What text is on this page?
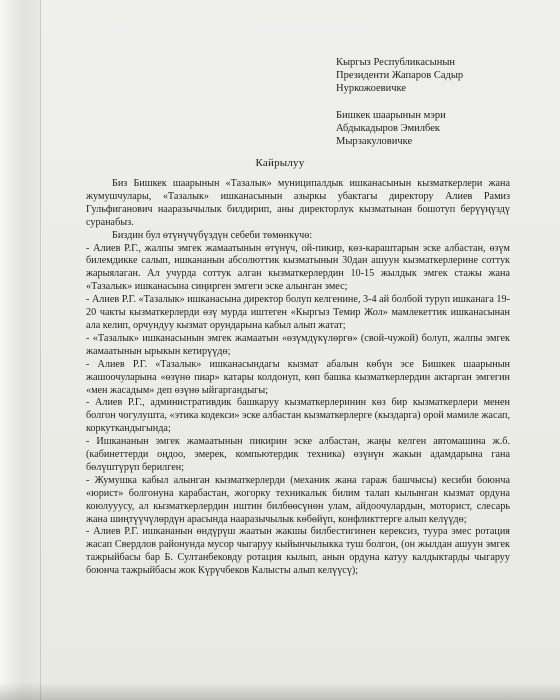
Кыргыз Республикасынын
Президенти Жапаров Садыр
Нуркожоевичке
Бишкек шаарынын мэри
Абдыкадыров Эмилбек
Мырзакуловичке
Кайрылуу

Биз Бишкек шаарынын «Тазалык» муниципалдык ишканасынын кызматкерлери жана жумушчулары, «Тазалык» ишканасынын азыркы убактагы директору Алиев Рамиз Гульфиганович нааразычылык билдирип, аны директорлук кызматынан бошотуп берүүңүздү суранабыз.

Биздин бул өтүнүчүбүздүн себеби төмөнкүчө:

- Алиев Р.Г., жалпы эмгек жамаатынын өтүнүч, ой-пикир, көз-караштарын эске албастан, өзүм билемдикке салып, ишкананын абсолюттик кызматынын 30дан ашуун кызматкерлерине соттук жарыялаган. Ал учурда соттук алган кызматкерлердин 10-15 жылдык эмгек стажы жана «Тазалык» ишканасына сиңирген эмгеги эске алынган эмес;

- Алиев Р.Г. «Тазалык» ишканасына директор болуп келгенине, 3-4 ай болбой туруп ишканага 19-20 чакты кызматкерлерди өзү мурда иштеген «Кыргыз Темир Жол» мамлекеттик ишканасынан ала келип, орчундуу кызмат орундарына кабыл алып жатат;

- «Тазалык» ишканасынын эмгек жамаатын «өзүмдүкүлөргө» (свой-чужой) болуп, жалпы эмгек жамаатынын ырыкын кетирүүдө;

- Алиев Р.Г. «Тазалык» ишканасындагы кызмат абалын көбүн эсе Бишкек шаарынын жашоочуларына «өзүнө пиар» катары колдонуп, көп башка кызматкерлердин актарган эмгегин «мен жасадым» деп өзүнө ыйгаргандыгы;

- Алиев Р.Г., административдик башкаруу кызматкерлеринин көз бир кызматкерлери менен болгон чогулушта, «этика кодекси» эске албастан кызматкерлерге (кыздарга) орой мамиле жасап, коркуткандыгында;

- Ишкананын эмгек жамаатынын пикирин эске албастан, жаңы келген автомашина ж.б. (кабинеттерди оңдоо, эмерек, компьютердик техника) өзүнүн жакын адамдарына гана бөлүштүрүп берилген;

- Жумушка кабыл алынган кызматкерлерди (механик жана гараж башчысы) кесиби боюнча «юрист» болгонуна карабастан, жогорку техникалык билим талап кылынган кызмат ордуна коюлууусу, ал кызматкерлердин иштин билбөөсүнөн улам, айдоочулардын, моторист, слесарь жана шиңтүүчүлөрдүн арасында нааразычылык көбөйүп, конфликттерге алып келүүдө;

- Алиев Р.Г. ишкананын өндүрүш жаатын жакшы билбестигинен керексиз, туура эмес ротация жасап Свердлов районунда мусор чыгаруу кыйынчылыкка туш болгон, (он жылдан ашуун эмгек тажрыйбасы бар Б. Султанбековду ротация кылып, анын ордуна катуу калдыктарды чыгаруу боюнча тажрыйбасы жок Күрүчбеков Калысты алып келүүсү);
